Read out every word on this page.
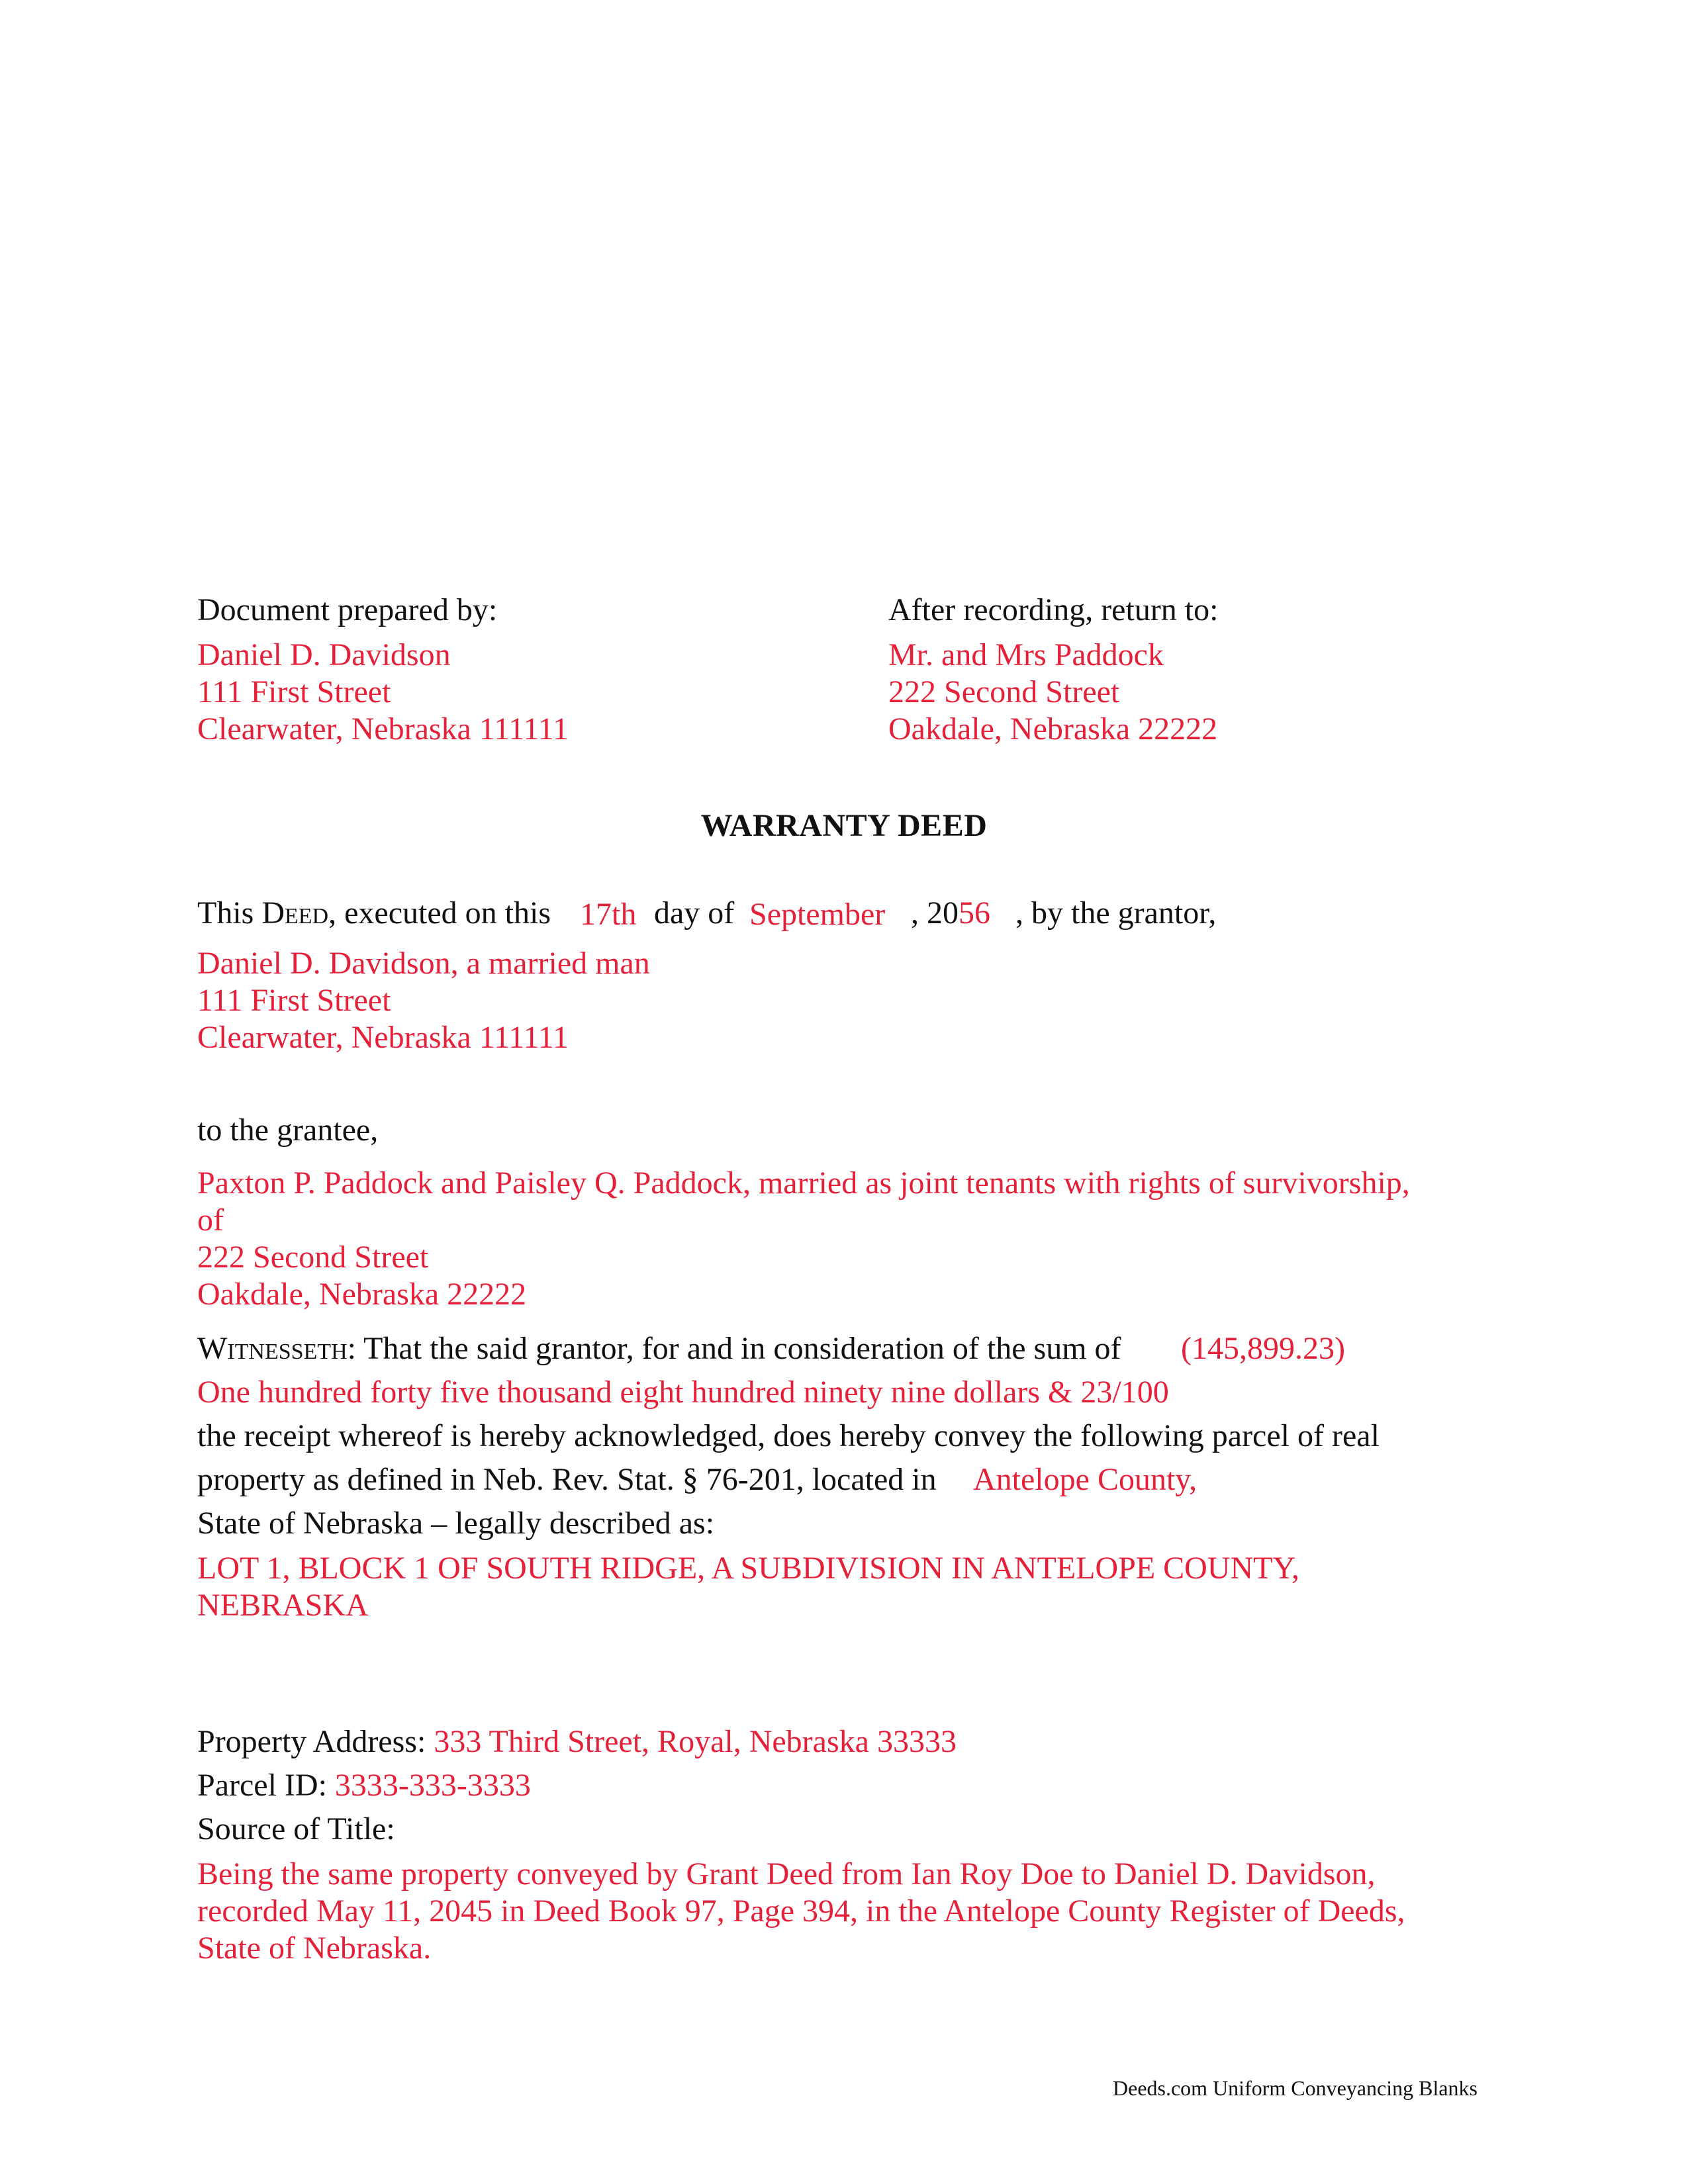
Document prepared by:
Daniel D. Davidson
111 First Street
Clearwater, Nebraska 111111
After recording, return to:
Mr. and Mrs Paddock
222 Second Street
Oakdale, Nebraska 22222
WARRANTY DEED
This Deed, executed on this 17th day of September , 2056 , by the grantor,
Daniel D. Davidson, a married man
111 First Street
Clearwater, Nebraska 111111
to the grantee,
Paxton P. Paddock and Paisley Q. Paddock, married as joint tenants with rights of survivorship,
of
222 Second Street
Oakdale, Nebraska 22222
Witnesseth: That the said grantor, for and in consideration of the sum of (145,899.23)
One hundred forty five thousand eight hundred ninety nine dollars & 23/100
the receipt whereof is hereby acknowledged, does hereby convey the following parcel of real
property as defined in Neb. Rev. Stat. § 76-201, located in Antelope County,
State of Nebraska – legally described as:
LOT 1, BLOCK 1 OF SOUTH RIDGE, A SUBDIVISION IN ANTELOPE COUNTY,
NEBRASKA
Property Address: 333 Third Street, Royal, Nebraska 33333
Parcel ID: 3333-333-3333
Source of Title:
Being the same property conveyed by Grant Deed from Ian Roy Doe to Daniel D. Davidson,
recorded May 11, 2045 in Deed Book 97, Page 394, in the Antelope County Register of Deeds,
State of Nebraska.
Deeds.com Uniform Conveyancing Blanks
